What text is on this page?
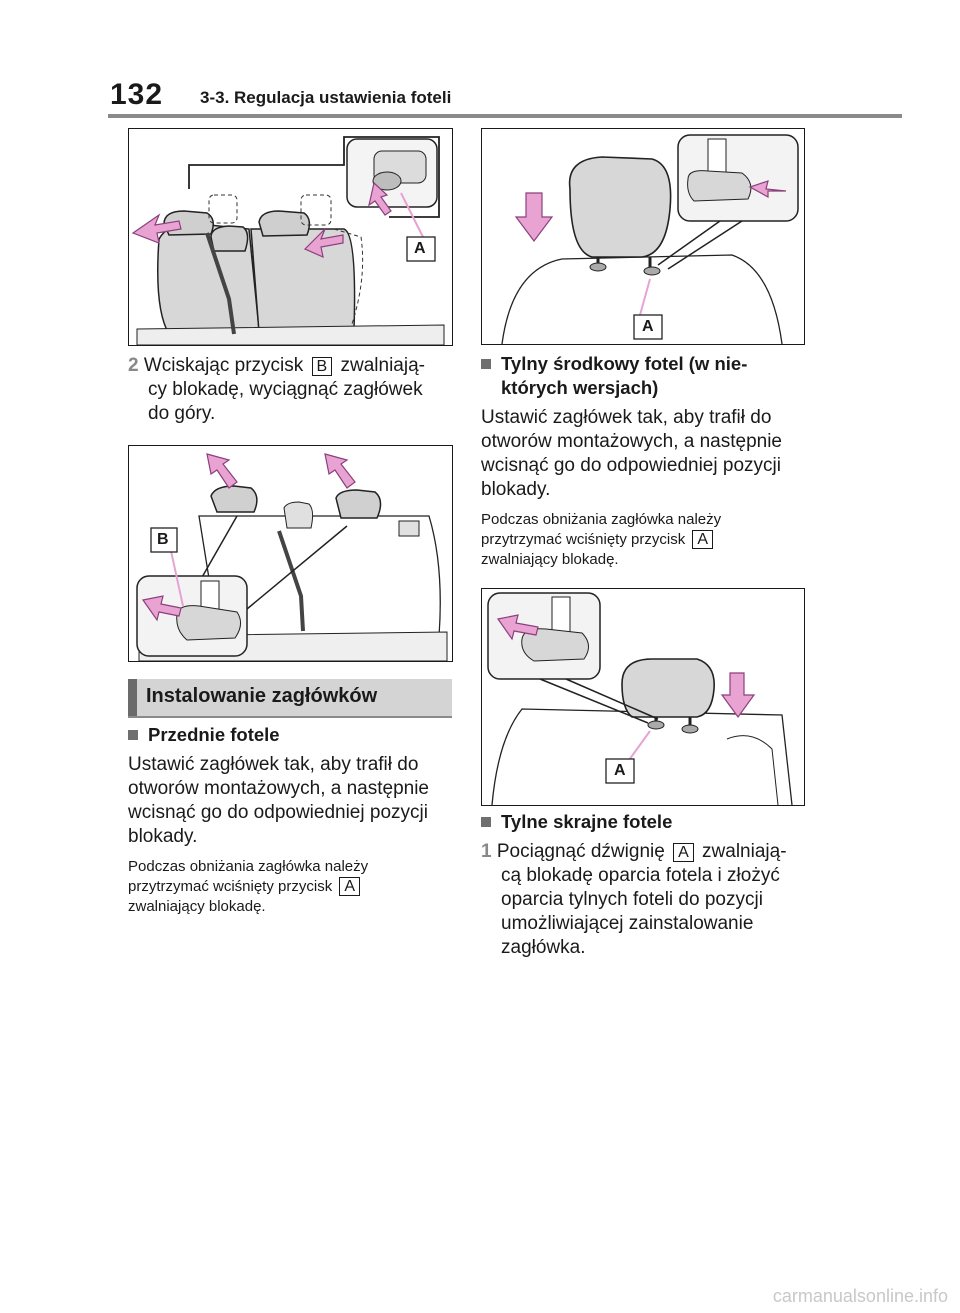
132 3-3. Regulacja ustawienia foteli
A
2 Wciskając przycisk B zwalniają-
cy blokadę, wyciągnąć zagłówek
do góry.
B
Instalowanie zagłówków
Przednie fotele
Ustawić zagłówek tak, aby trafił do
otworów montażowych, a następnie
wcisnąć go do odpowiedniej pozycji
blokady.
Podczas obniżania zagłówka należy
przytrzymać wciśnięty przycisk A
zwalniający blokadę.
A
Tylny środkowy fotel (w nie-
których wersjach)
Ustawić zagłówek tak, aby trafił do
otworów montażowych, a następnie
wcisnąć go do odpowiedniej pozycji
blokady.
Podczas obniżania zagłówka należy
przytrzymać wciśnięty przycisk A
zwalniający blokadę.
A
Tylne skrajne fotele
1 Pociągnąć dźwignię A zwalniają-
cą blokadę oparcia fotela i złożyć
oparcia tylnych foteli do pozycji
umożliwiającej zainstalowanie
zagłówka.
carmanualsonline.info
